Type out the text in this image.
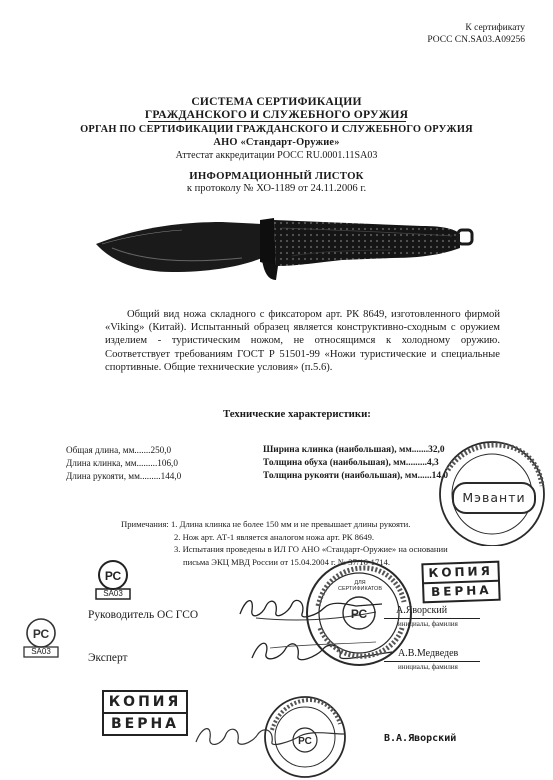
К сертификату
РОСС CN.SA03.A09256
СИСТЕМА СЕРТИФИКАЦИИ
ГРАЖДАНСКОГО И СЛУЖЕБНОГО ОРУЖИЯ
ОРГАН ПО СЕРТИФИКАЦИИ ГРАЖДАНСКОГО И СЛУЖЕБНОГО ОРУЖИЯ
АНО «Стандарт-Оружие»
Аттестат аккредитации РОСС RU.0001.11SA03
ИНФОРМАЦИОННЫЙ ЛИСТОК
к протоколу № ХО-1189 от 24.11.2006 г.
Общий вид ножа складного с фиксатором арт. РК 8649, изготовленного фирмой «Viking» (Китай). Испытанный образец является конструктивно-сходным с оружием изделием - туристическим ножом, не относящимся к холодному оружию. Соответствует требованиям ГОСТ Р 51501-99 «Ножи туристические и специальные спортивные. Общие технические условия» (п.5.6).
Технические характеристики:
Общая длина, мм.......250,0
Длина клинка, мм.........106,0
Длина рукояти, мм.........144,0
Ширина клинка (наибольшая), мм.......32,0
Толщина обуха (наибольшая), мм.........4,3
Толщина рукояти (наибольшая), мм......14,0
Примечания: 1. Длина клинка не более 150 мм и не превышает длины рукояти.
2. Нож арт. АТ-1 является аналогом ножа арт. РК 8649.
3. Испытания проведены в ИЛ ГО АНО «Стандарт-Оружие» на основании
письма ЭКЦ МВД России от 15.04.2004 г. № 37/16-1714.
РС
SA03
РС
SA03
Руководитель ОС ГСО
Эксперт
А.Яворский
инициалы, фамилия
А.В.Медведев
инициалы, фамилия
РС
ДЛЯ СЕРТИФИКАТОВ
РС
Мэванти
КОПИЯ
ВЕРНА
КОПИЯ
ВЕРНА
В.А.Яворский
